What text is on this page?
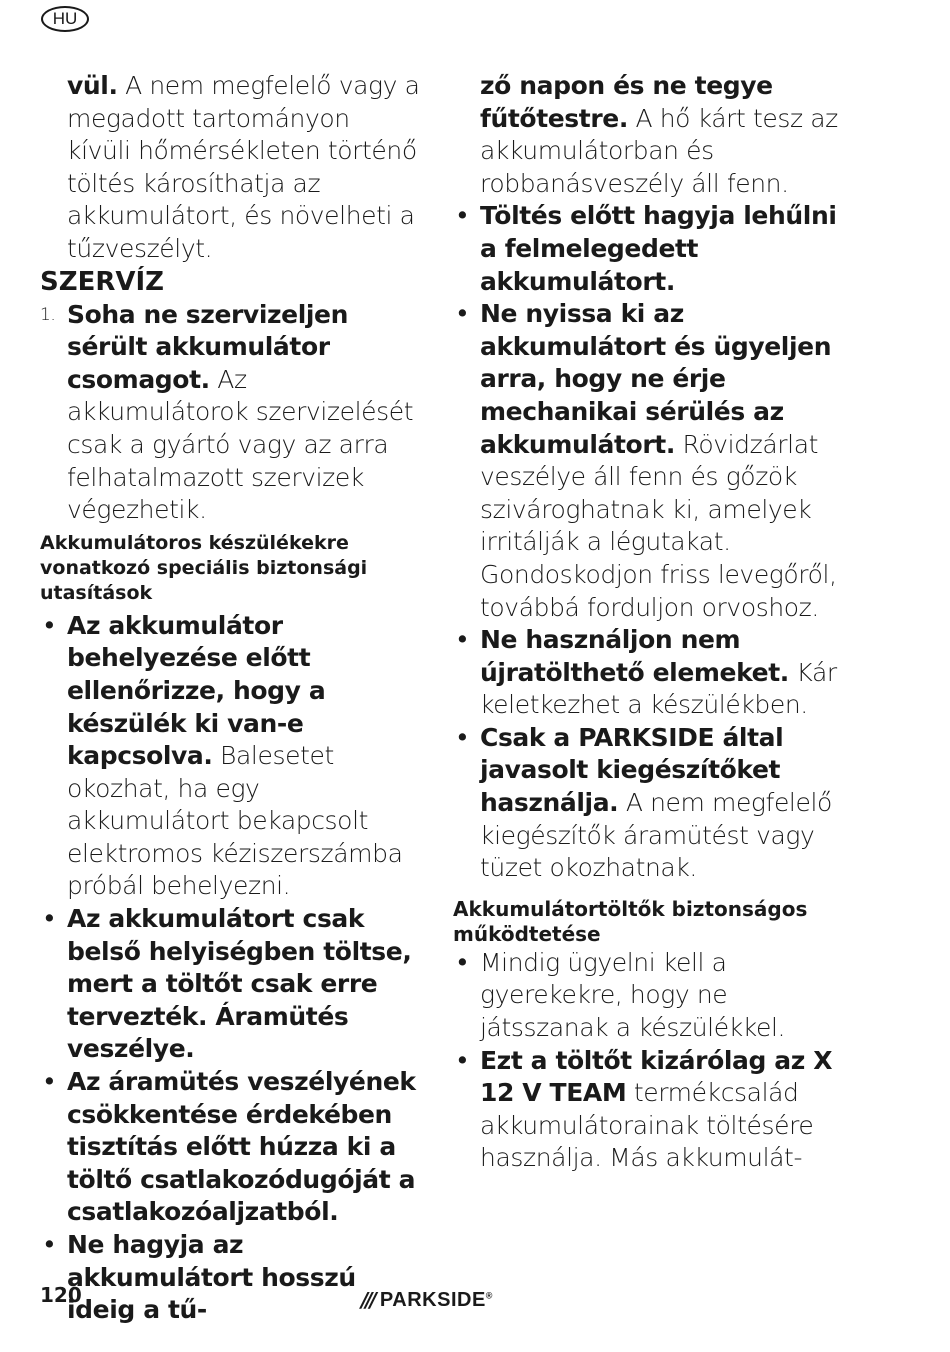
HU

vül. A nem megfelelő vagy a megadott tartományon kívüli hőmérsékleten történő töltés károsíthatja az akkumulátort, és növelheti a tűzveszélyt.

SZERVÍZ
1. Soha ne szervizeljen sérült akkumulátor csomagot. Az akkumulátorok szervizelését csak a gyártó vagy az arra felhatalmazott szervizek végezhetik.
Akkumulátoros készülékekre vonatkozó speciális biztonsági utasítások
• Az akkumulátor behelyezése előtt ellenőrizze, hogy a készülék ki van-e kapcsolva. Balesetet okozhat, ha egy akkumulátort bekapcsolt elektromos kéziszerszámba próbál behelyezni.
• Az akkumulátort csak belső helyiségben töltse, mert a töltőt csak erre tervezték. Áramütés veszélye.
• Az áramütés veszélyének csökkentése érdekében tisztítás előtt húzza ki a töltő csatlakozódugóját a csatlakozóaljzatból.
• Ne hagyja az akkumulátort hosszú ideig a tű-

ző napon és ne tegye fűtőtestre. A hő kárt tesz az akkumulátorban és robbanásveszély áll fenn.

• Töltés előtt hagyja lehűlni a felmelegedett akkumulátort.
• Ne nyissa ki az akkumulátort és ügyeljen arra, hogy ne érje mechanikai sérülés az akkumulátort. Rövidzárlat veszélye áll fenn és gőzök szivároghatnak ki, amelyek irritálják a légutakat. Gondoskodjon friss levegőről, továbbá forduljon orvoshoz.
• Ne használjon nem újratölthető elemeket. Kár keletkezhet a készülékben.
• Csak a PARKSIDE által javasolt kiegészítőket használja. A nem megfelelő kiegészítők áramütést vagy tüzet okozhatnak.
Akkumulátortöltők biztonságos működtetése
• Mindig ügyelni kell a gyerekekre, hogy ne játsszanak a készülékkel.
• Ezt a töltőt kizárólag az X 12 V TEAM termékcsalád akkumulátorainak töltésére használja. Más akkumulát-
120	/// PARKSIDE®
